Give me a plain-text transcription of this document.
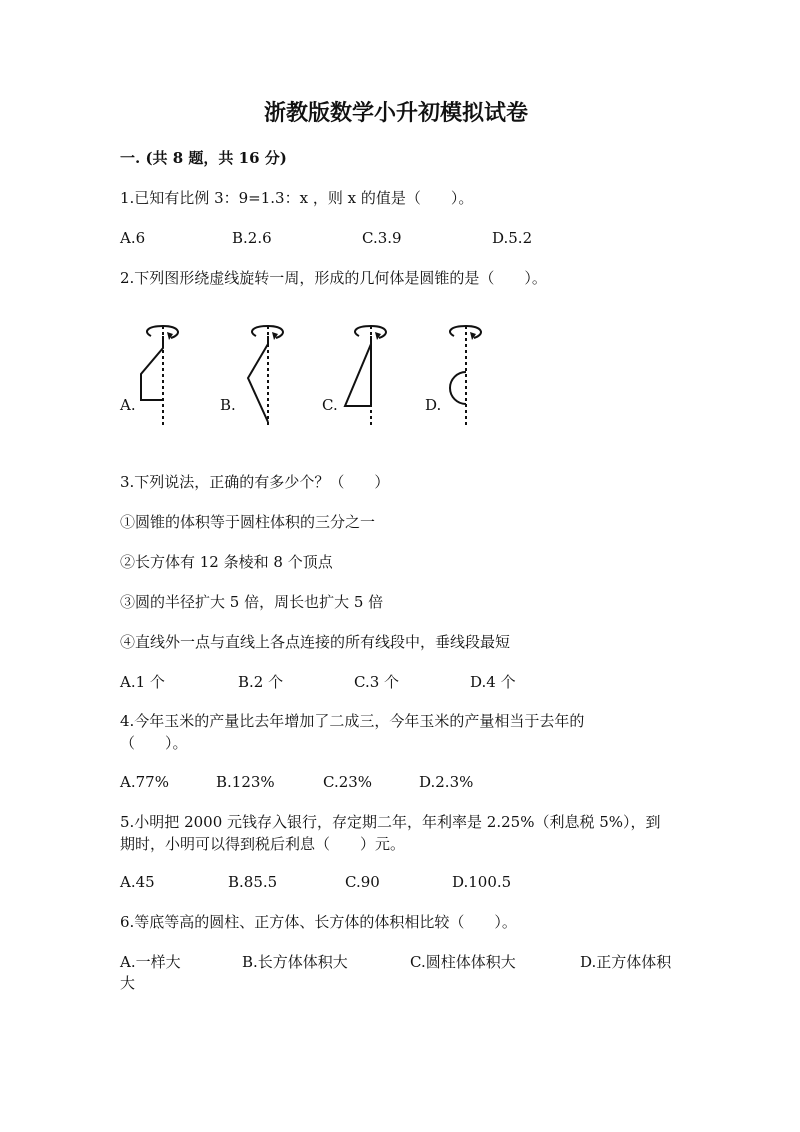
浙教版数学小升初模拟试卷
一. (共 8 题，共 16 分)
1.已知有比例 3：9=1.3：x ，则 x 的值是（　　）。
A.6	B.2.6	C.3.9	D.5.2
2.下列图形绕虚线旋转一周，形成的几何体是圆锥的是（　　）。
A.	B.	C.	D.
3.下列说法，正确的有多少个？（　　）
①圆锥的体积等于圆柱体积的三分之一
②长方体有 12 条棱和 8 个顶点
③圆的半径扩大 5 倍，周长也扩大 5 倍
④直线外一点与直线上各点连接的所有线段中，垂线段最短
A.1 个	B.2 个	C.3 个	D.4 个
4.今年玉米的产量比去年增加了二成三，今年玉米的产量相当于去年的
（　　）。
A.77%	B.123%	C.23%	D.2.3%
5.小明把 2000 元钱存入银行，存定期二年，年利率是 2.25%（利息税 5%），到
期时，小明可以得到税后利息（　　）元。
A.45	B.85.5	C.90	D.100.5
6.等底等高的圆柱、正方体、长方体的体积相比较（　　）。
A.一样大	B.长方体体积大	C.圆柱体体积大	D.正方体体积
大
